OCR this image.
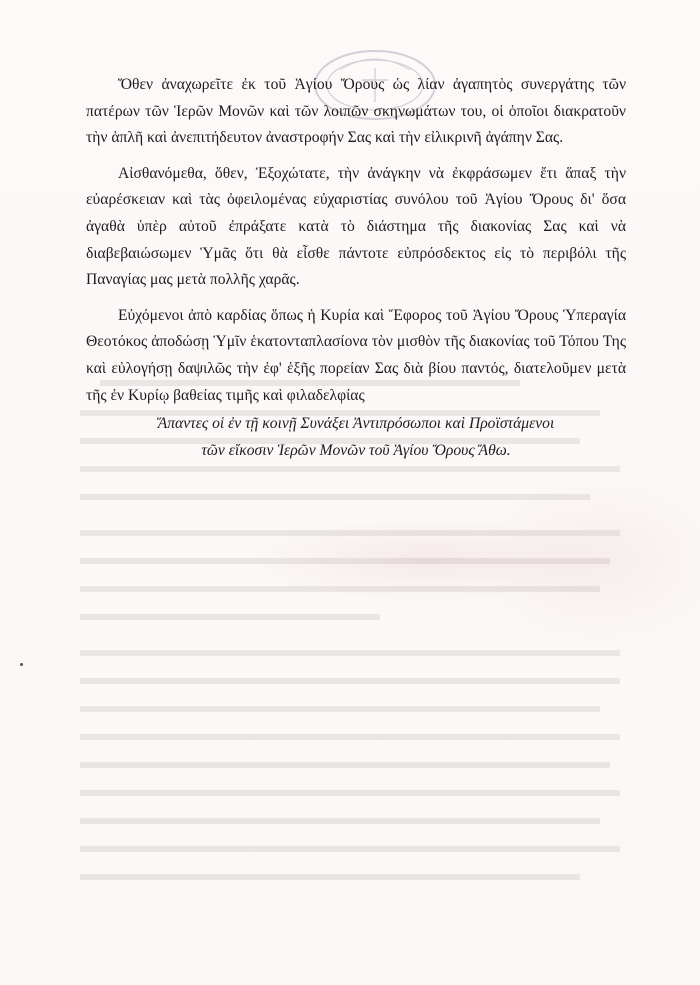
Ὅθεν ἀναχωρεῖτε ἐκ τοῦ Ἁγίου Ὄρους ὡς λίαν ἀγαπητὸς συνεργάτης τῶν πατέρων τῶν Ἱερῶν Μονῶν καὶ τῶν λοιπῶν σκηνωμάτων του, οἱ ὁποῖοι διακρατοῦν τὴν ἁπλῆ καὶ ἀνεπιτήδευτον ἀναστροφήν Σας καὶ τὴν εἰλικρινῆ ἀγάπην Σας.

Αἰσθανόμεθα, ὅθεν, Ἐξοχώτατε, τὴν ἀνάγκην νὰ ἐκφράσωμεν ἔτι ἅπαξ τὴν εὐαρέσκειαν καὶ τὰς ὀφειλομένας εὐχαριστίας συνόλου τοῦ Ἁγίου Ὄρους δι' ὅσα ἀγαθὰ ὑπὲρ αὐτοῦ ἐπράξατε κατὰ τὸ διάστημα τῆς διακονίας Σας καὶ νὰ διαβεβαιώσωμεν Ὑμᾶς ὅτι θὰ εἶσθε πάντοτε εὐπρόσδεκτος εἰς τὸ περιβόλι τῆς Παναγίας μας μετὰ πολλῆς χαρᾶς.

Εὐχόμενοι ἀπὸ καρδίας ὅπως ἡ Κυρία καὶ Ἔφορος τοῦ Ἁγίου Ὄρους Ὑπεραγία Θεοτόκος ἀποδώσῃ Ὑμῖν ἑκατονταπλασίονα τὸν μισθὸν τῆς διακονίας τοῦ Τόπου Της καὶ εὐλογήσῃ δαψιλῶς τὴν ἐφ' ἑξῆς πορείαν Σας διὰ βίου παντός, διατελοῦμεν μετὰ τῆς ἐν Κυρίῳ βαθείας τιμῆς καὶ φιλαδελφίας

Ἅπαντες οἱ ἐν τῇ κοινῇ Συνάξει Ἀντιπρόσωποι καὶ Προϊστάμενοι
τῶν εἴκοσιν Ἱερῶν Μονῶν τοῦ Ἁγίου Ὄρους Ἄθω.
